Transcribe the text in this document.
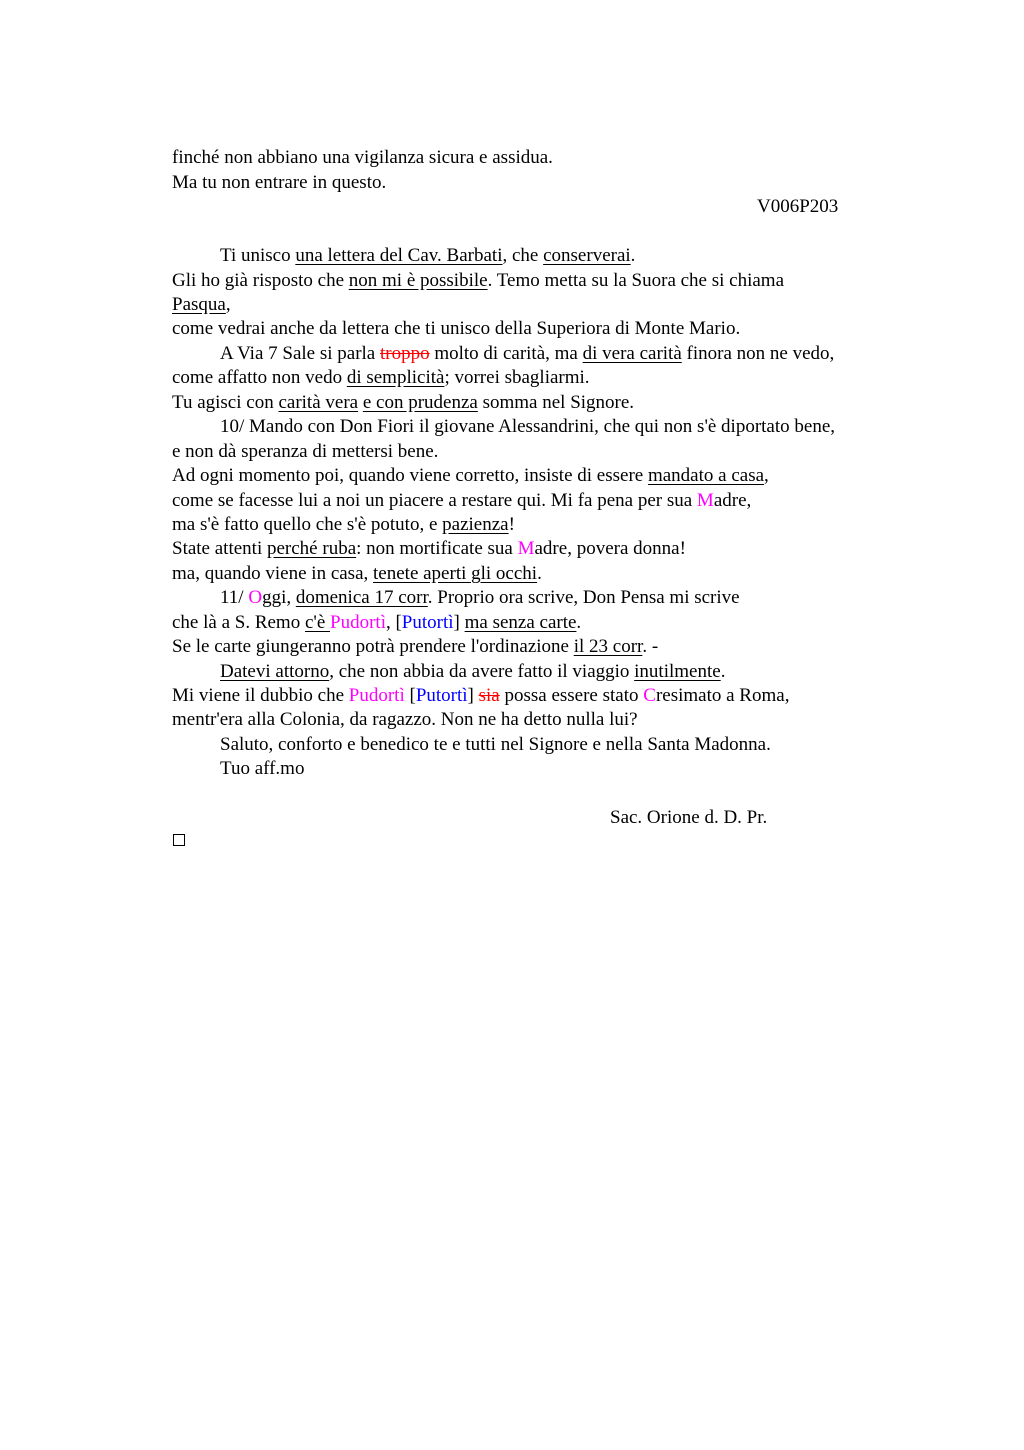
finché non abbiano una vigilanza sicura e assidua.
Ma tu non entrare in questo.
V006P203
Ti unisco una lettera del Cav. Barbati, che conserverai.
Gli ho già risposto che non mi è possibile. Temo metta su la Suora che si chiama
Pasqua,
come vedrai anche da lettera che ti unisco della Superiora di Monte Mario.
A Via 7 Sale si parla troppo molto di carità, ma di vera carità finora non ne vedo,
come affatto non vedo di semplicità; vorrei sbagliarmi.
Tu agisci con carità vera e con prudenza somma nel Signore.
10/ Mando con Don Fiori il giovane Alessandrini, che qui non s'è diportato bene,
e non dà speranza di mettersi bene.
Ad ogni momento poi, quando viene corretto, insiste di essere mandato a casa,
come se facesse lui a noi un piacere a restare qui. Mi fa pena per sua Madre,
ma s'è fatto quello che s'è potuto, e pazienza!
State attenti perché ruba: non mortificate sua Madre, povera donna!
ma, quando viene in casa, tenete aperti gli occhi.
11/ Oggi, domenica 17 corr. Proprio ora scrive, Don Pensa mi scrive
che là a S. Remo c'è Pudortì, [Putortì] ma senza carte.
Se le carte giungeranno potrà prendere l'ordinazione il 23 corr. -
Datevi attorno, che non abbia da avere fatto il viaggio inutilmente.
Mi viene il dubbio che Pudortì [Putortì] sia possa essere stato Cresimato a Roma,
mentr'era alla Colonia, da ragazzo. Non ne ha detto nulla lui?
Saluto, conforto e benedico te e tutti nel Signore e nella Santa Madonna.
Tuo aff.mo
Sac. Orione d. D. Pr.
